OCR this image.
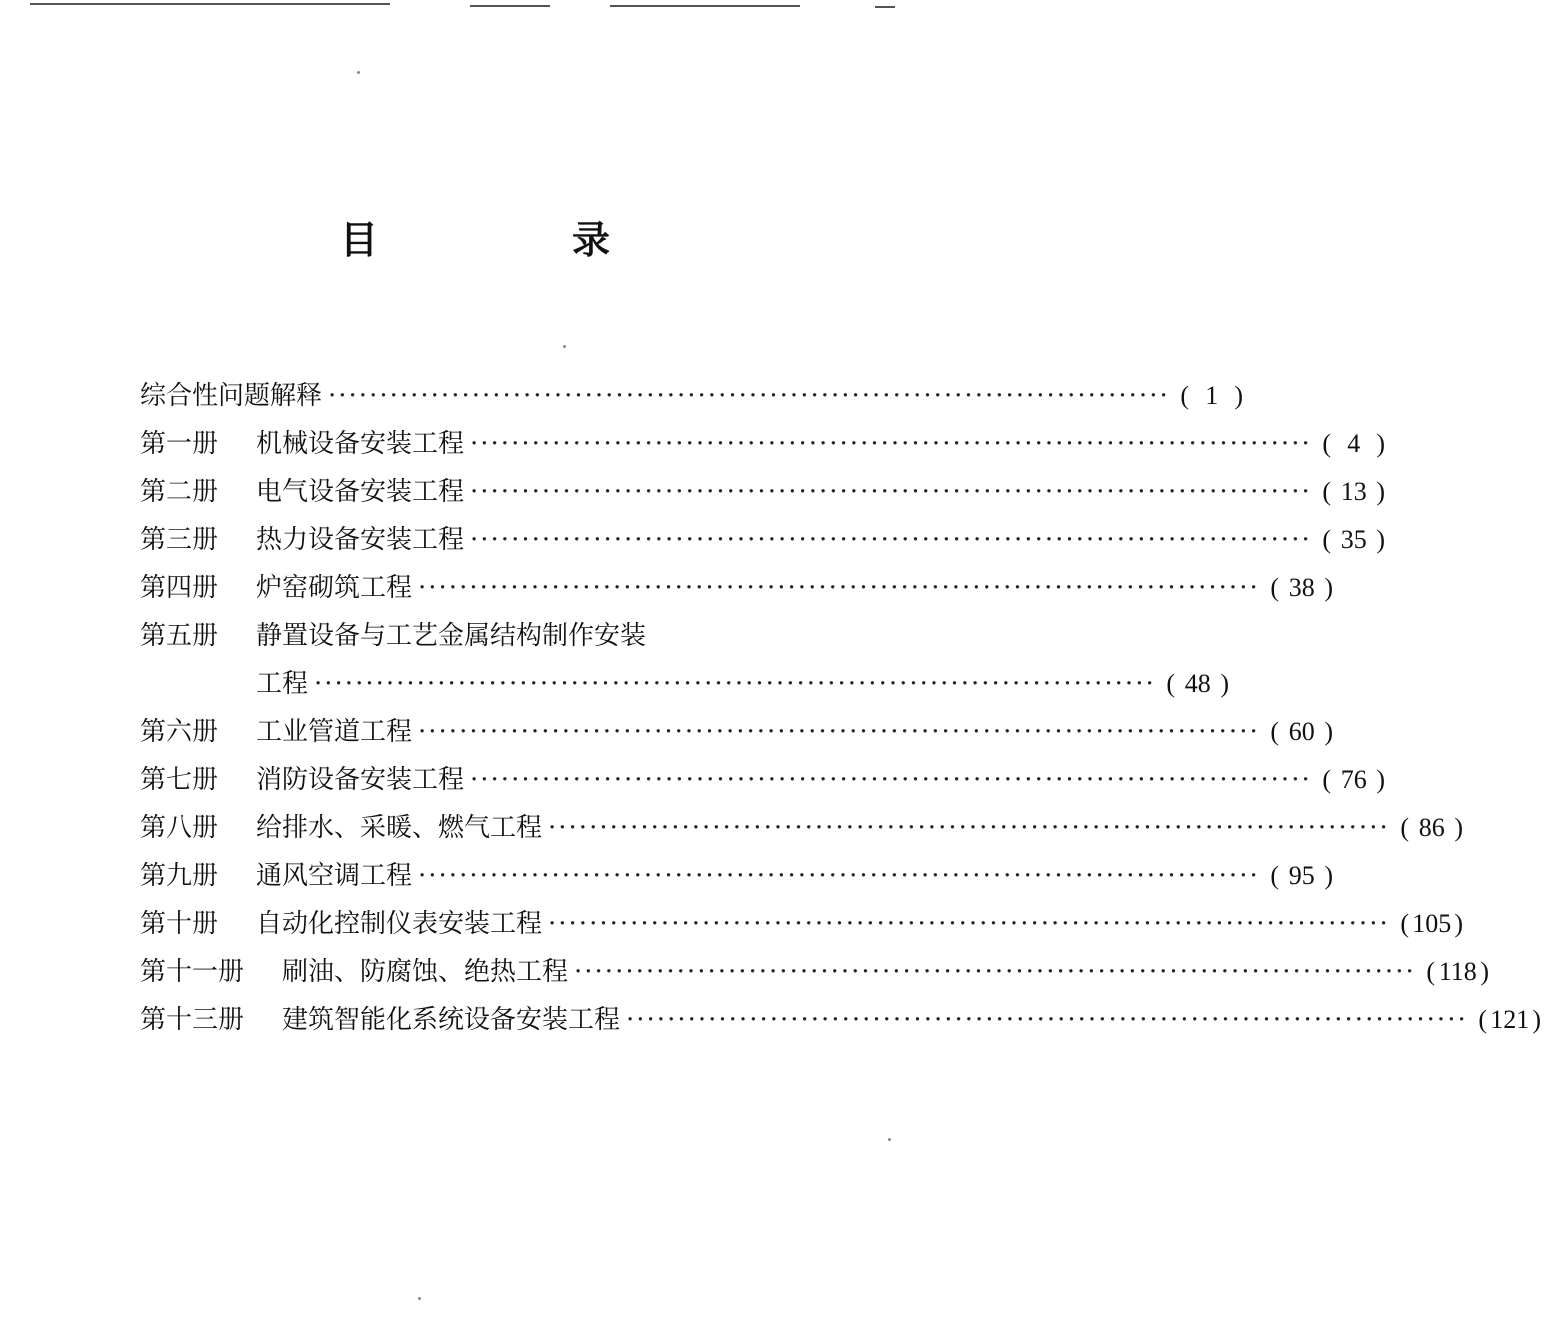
目　录
综合性问题解释 ·················································································· ( 1 )
第一册 机械设备安装工程 ·················································································· ( 4 )
第二册 电气设备安装工程 ·················································································· ( 13 )
第三册 热力设备安装工程 ·················································································· ( 35 )
第四册 炉窑砌筑工程 ·················································································· ( 38 )
第五册 静置设备与工艺金属结构制作安装
工程 ·················································································· ( 48 )
第六册 工业管道工程 ·················································································· ( 60 )
第七册 消防设备安装工程 ·················································································· ( 76 )
第八册 给排水、采暖、燃气工程 ·················································································· ( 86 )
第九册 通风空调工程 ·················································································· ( 95 )
第十册 自动化控制仪表安装工程 ·················································································· ( 105 )
第十一册 刷油、防腐蚀、绝热工程 ·················································································· ( 118 )
第十三册 建筑智能化系统设备安装工程 ·················································································· ( 121 )
